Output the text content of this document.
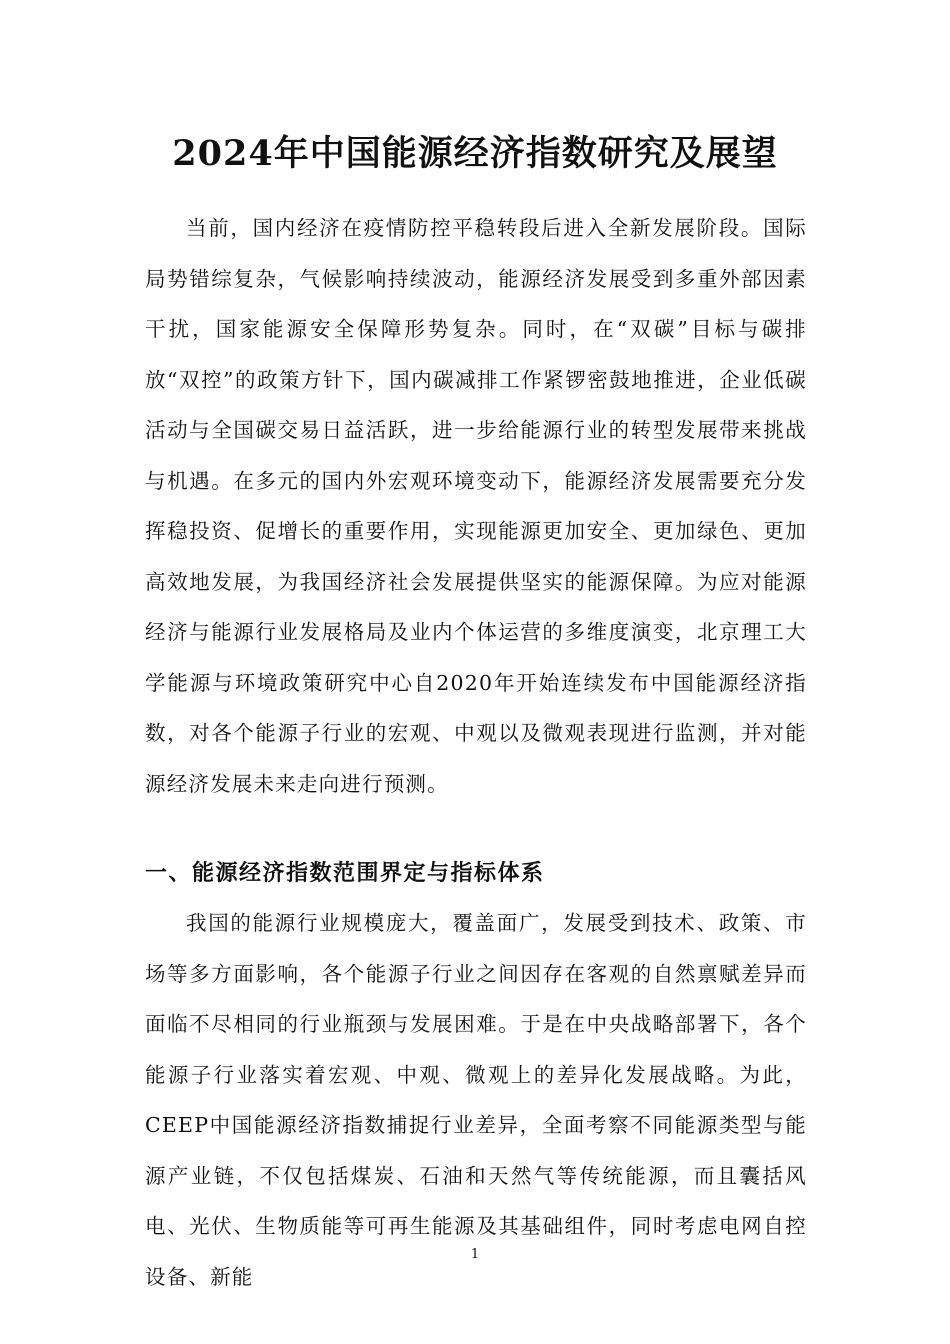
2024年中国能源经济指数研究及展望

当前，国内经济在疫情防控平稳转段后进入全新发展阶段。国际局势错综复杂，气候影响持续波动，能源经济发展受到多重外部因素干扰，国家能源安全保障形势复杂。同时，在“双碳”目标与碳排放“双控”的政策方针下，国内碳减排工作紧锣密鼓地推进，企业低碳活动与全国碳交易日益活跃，进一步给能源行业的转型发展带来挑战与机遇。在多元的国内外宏观环境变动下，能源经济发展需要充分发挥稳投资、促增长的重要作用，实现能源更加安全、更加绿色、更加高效地发展，为我国经济社会发展提供坚实的能源保障。为应对能源经济与能源行业发展格局及业内个体运营的多维度演变，北京理工大学能源与环境政策研究中心自2020年开始连续发布中国能源经济指数，对各个能源子行业的宏观、中观以及微观表现进行监测，并对能源经济发展未来走向进行预测。

一、能源经济指数范围界定与指标体系

我国的能源行业规模庞大，覆盖面广，发展受到技术、政策、市场等多方面影响，各个能源子行业之间因存在客观的自然禀赋差异而面临不尽相同的行业瓶颈与发展困难。于是在中央战略部署下，各个能源子行业落实着宏观、中观、微观上的差异化发展战略。为此，CEEP中国能源经济指数捕捉行业差异，全面考察不同能源类型与能源产业链，不仅包括煤炭、石油和天然气等传统能源，而且囊括风电、光伏、生物质能等可再生能源及其基础组件，同时考虑电网自控设备、新能

1
